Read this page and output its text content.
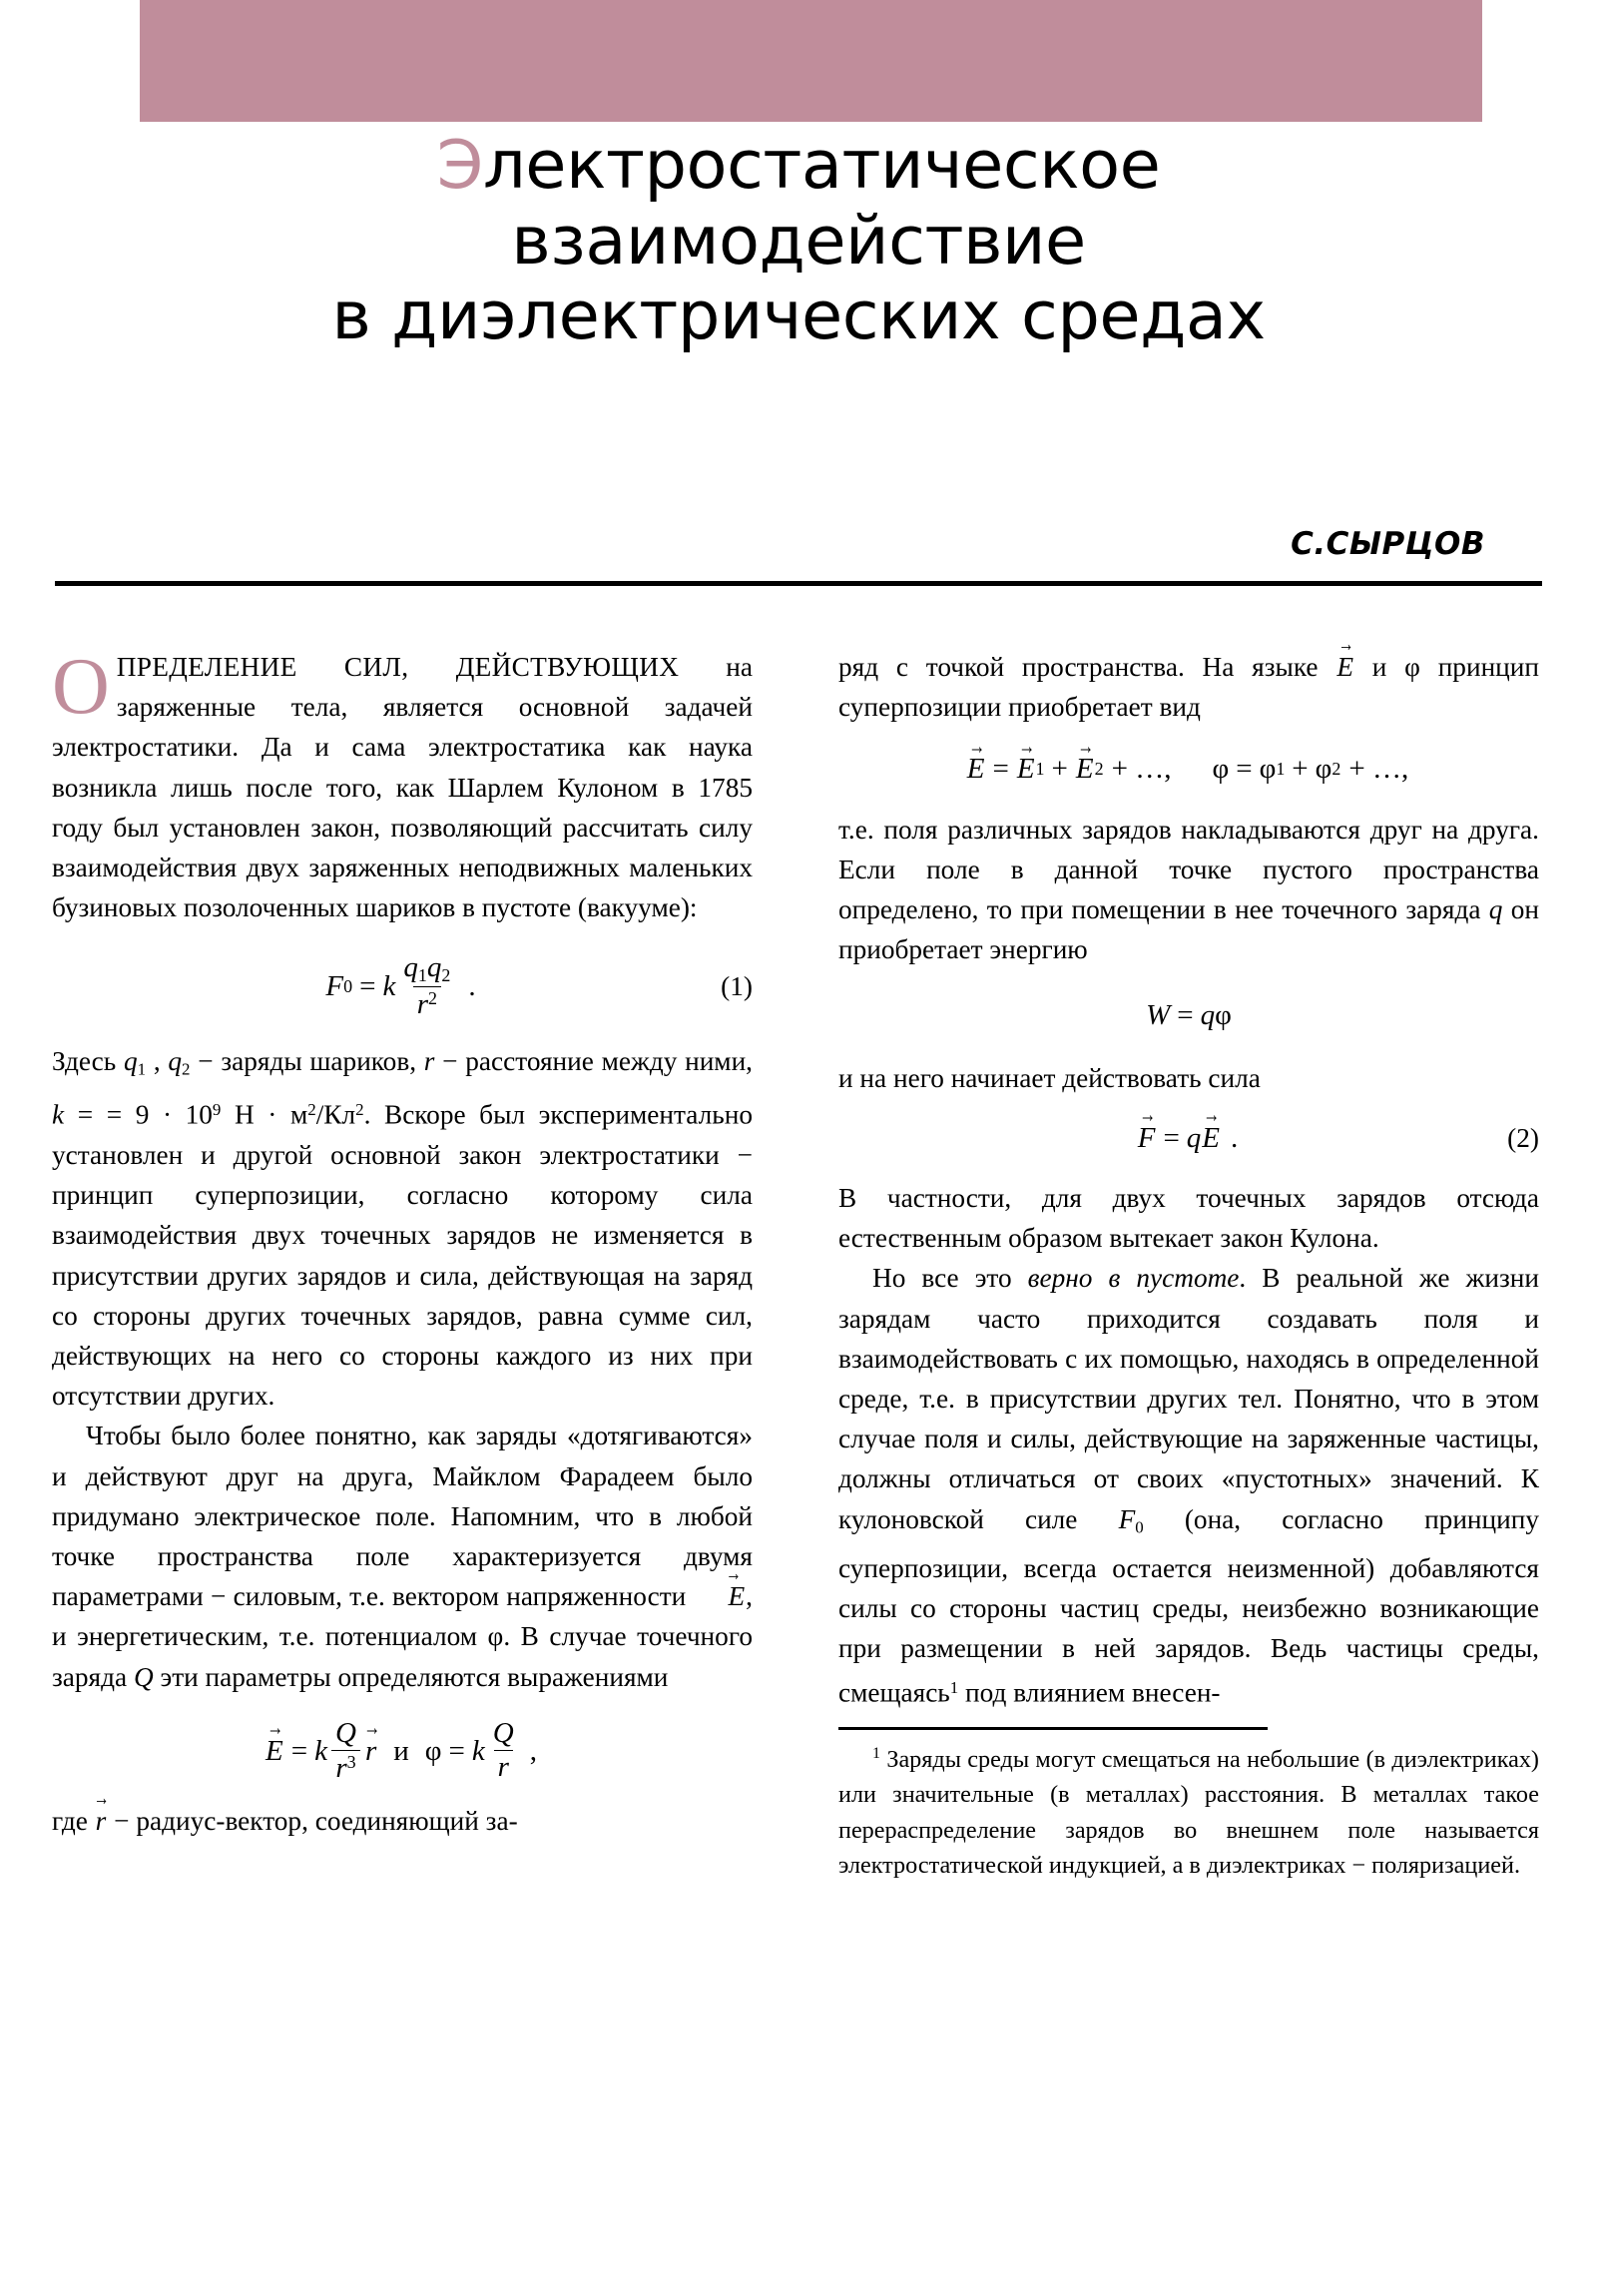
Электростатическое
взаимодействие
в диэлектрических средах
С.СЫРЦОВ

ОПРЕДЕЛЕНИЕ СИЛ, ДЕЙСТВУЮЩИХ на заряженные тела, является основной задачей электростатики. Да и сама электростатика как наука возникла лишь после того, как Шарлем Кулоном в 1785 году был установлен закон, позволяющий рассчитать силу взаимодействия двух заряженных неподвижных маленьких бузиновых позолоченных шариков в пустоте (вакууме):

F 0 = k $\frac{q_1q_2}{r^2}$ .	(1)

Здесь $q_1$ , $q_2$ − заряды шариков, r − расстояние между ними, k = = $9 \cdot 10^9$ $Н \cdot м^2/Кл^2$. Вскоре был экспериментально установлен и другой основной закон электростатики − принцип суперпозиции, согласно которому сила взаимодействия двух точечных зарядов не изменяется в присутствии других зарядов и сила, действующая на заряд со стороны других точечных зарядов, равна сумме сил, действующих на него со стороны каждого из них при отсутствии других.

Чтобы было более понятно, как заряды «дотягиваются» и действуют друг на друга, Майклом Фарадеем было придумано электрическое поле. Напомним, что в любой точке пространства поле характеризуется двумя параметрами − силовым, т.е. вектором напряженности E →, и энергетическим, т.е. потенциалом φ. В случае точечного заряда Q эти параметры определяются выражениями

E → = k $\frac{Q}{r^3}$ r → и φ = k $\frac{Q}{r}$ ,

где r → − радиус-вектор, соединяющий за-

ряд с точкой пространства. На языке E → и φ принцип суперпозиции приобретает вид

E → = E → 1 + E → 2 + …, φ = φ 1 + φ 2 + …,

т.е. поля различных зарядов накладываются друг на друга. Если поле в данной точке пустого пространства определено, то при помещении в нее точечного заряда q он приобретает энергию

W = q φ

и на него начинает действовать сила

F → = q E → .	(2)

В частности, для двух точечных зарядов отсюда естественным образом вытекает закон Кулона.

Но все это верно в пустоте. В реальной же жизни зарядам часто приходится создавать поля и взаимодействовать с их помощью, находясь в определенной среде, т.е. в присутствии других тел. Понятно, что в этом случае поля и силы, действующие на заряженные частицы, должны отличаться от своих «пустотных» значений. К кулоновской силе $F_0$ (она, согласно принципу суперпозиции, всегда остается неизменной) добавляются силы со стороны частиц среды, неизбежно возникающие при размещении в ней зарядов. Ведь частицы среды, смещаясь$^1$ под влиянием внесен-

$^1$ Заряды среды могут смещаться на небольшие (в диэлектриках) или значительные (в металлах) расстояния. В металлах такое перераспределение зарядов во внешнем поле называется электростатической индукцией, а в диэлектриках − поляризацией.
